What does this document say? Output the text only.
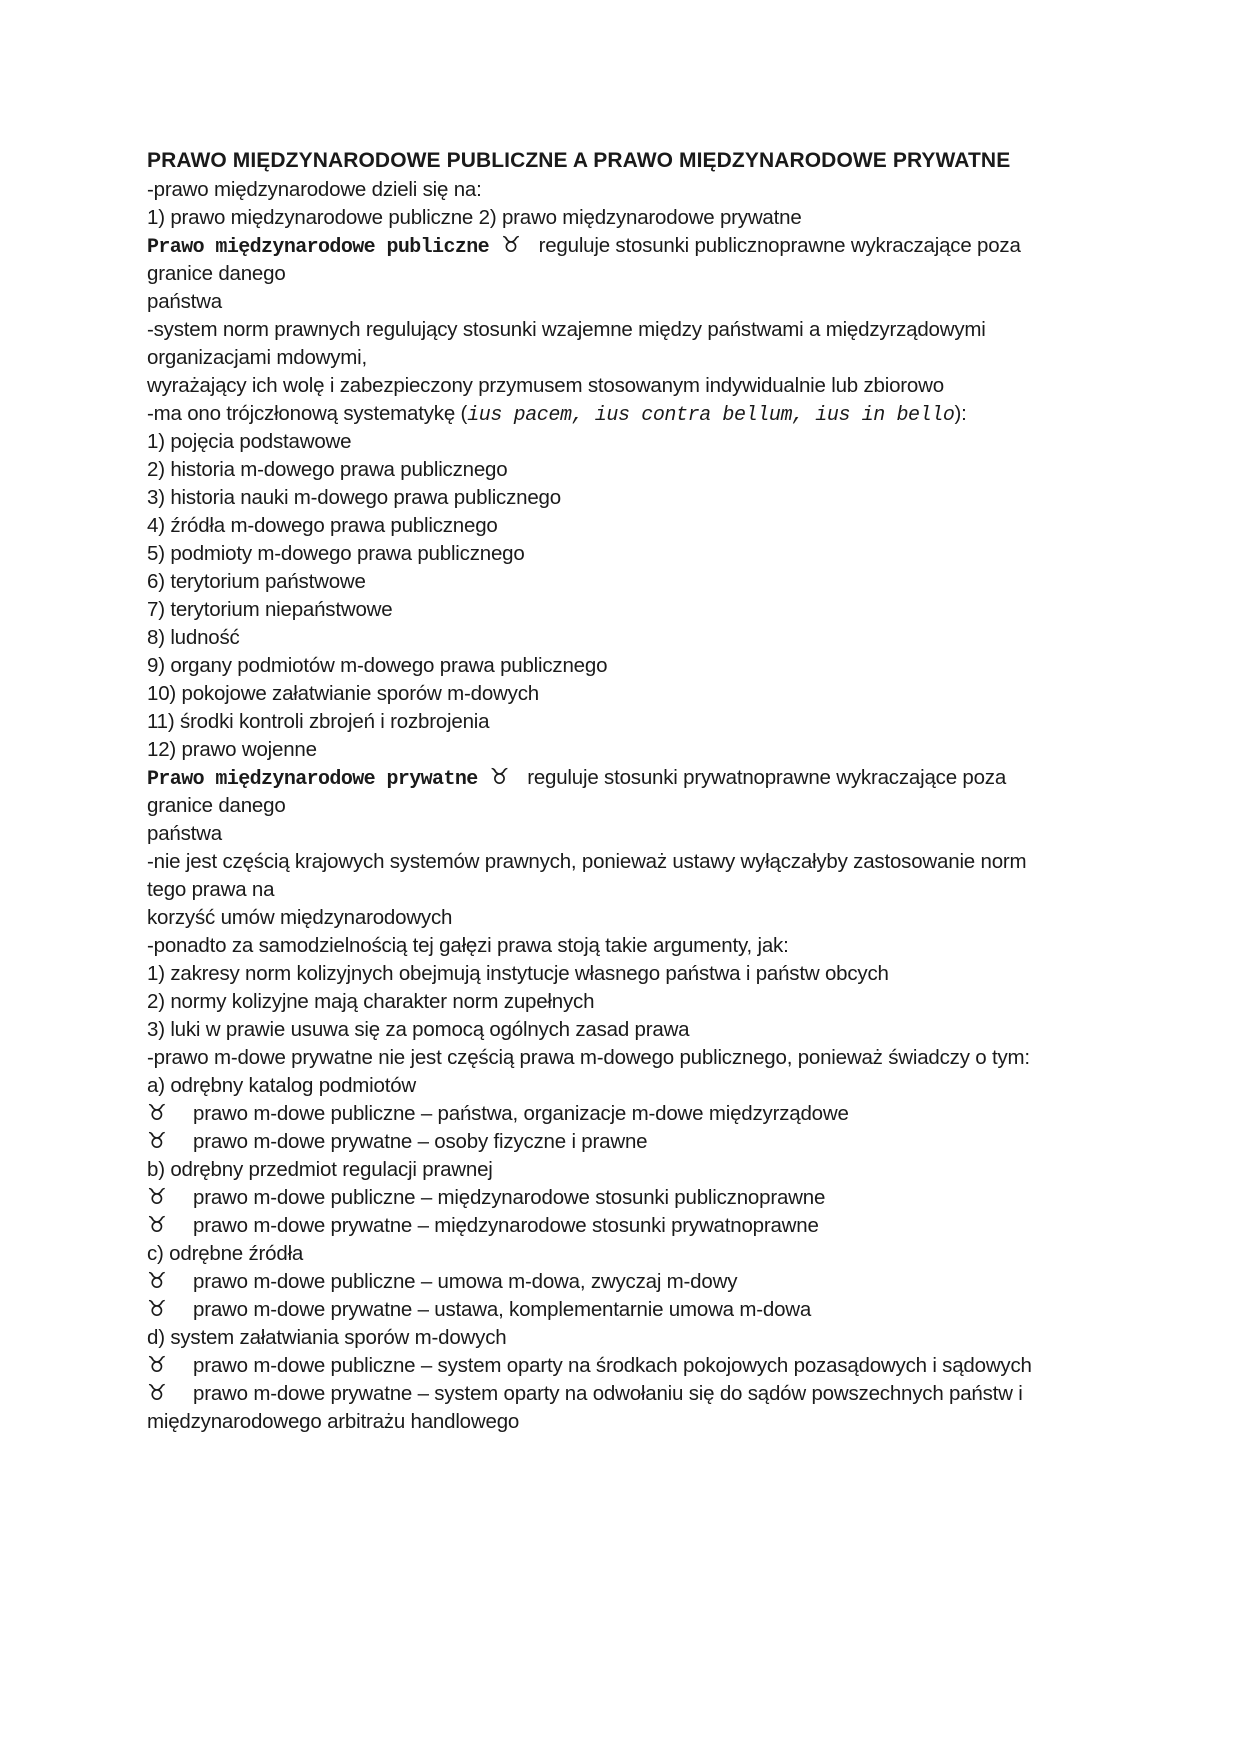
PRAWO MIĘDZYNARODOWE PUBLICZNE A PRAWO MIĘDZYNARODOWE PRYWATNE
-prawo międzynarodowe dzieli się na:
1) prawo międzynarodowe publiczne 2) prawo międzynarodowe prywatne
Prawo międzynarodowe publiczne ♉ reguluje stosunki publicznoprawne wykraczające poza
granice danego
państwa
-system norm prawnych regulujący stosunki wzajemne między państwami a międzyrządowymi
organizacjami mdowymi,
wyrażający ich wolę i zabezpieczony przymusem stosowanym indywidualnie lub zbiorowo
-ma ono trójczłonową systematykę (ius pacem, ius contra bellum, ius in bello):
1) pojęcia podstawowe
2) historia m-dowego prawa publicznego
3) historia nauki m-dowego prawa publicznego
4) źródła m-dowego prawa publicznego
5) podmioty m-dowego prawa publicznego
6) terytorium państwowe
7) terytorium niepaństwowe
8) ludność
9) organy podmiotów m-dowego prawa publicznego
10) pokojowe załatwianie sporów m-dowych
11) środki kontroli zbrojeń i rozbrojenia
12) prawo wojenne
Prawo międzynarodowe prywatne ♉ reguluje stosunki prywatnoprawne wykraczające poza
granice danego
państwa
-nie jest częścią krajowych systemów prawnych, ponieważ ustawy wyłączałyby zastosowanie norm
tego prawa na
korzyść umów międzynarodowych
-ponadto za samodzielnością tej gałęzi prawa stoją takie argumenty, jak:
1) zakresy norm kolizyjnych obejmują instytucje własnego państwa i państw obcych
2) normy kolizyjne mają charakter norm zupełnych
3) luki w prawie usuwa się za pomocą ogólnych zasad prawa
-prawo m-dowe prywatne nie jest częścią prawa m-dowego publicznego, ponieważ świadczy o tym:
a) odrębny katalog podmiotów
♉ prawo m-dowe publiczne – państwa, organizacje m-dowe międzyrządowe
♉ prawo m-dowe prywatne – osoby fizyczne i prawne
b) odrębny przedmiot regulacji prawnej
♉ prawo m-dowe publiczne – międzynarodowe stosunki publicznoprawne
♉ prawo m-dowe prywatne – międzynarodowe stosunki prywatnoprawne
c) odrębne źródła
♉ prawo m-dowe publiczne – umowa m-dowa, zwyczaj m-dowy
♉ prawo m-dowe prywatne – ustawa, komplementarnie umowa m-dowa
d) system załatwiania sporów m-dowych
♉ prawo m-dowe publiczne – system oparty na środkach pokojowych pozasądowych i sądowych
♉ prawo m-dowe prywatne – system oparty na odwołaniu się do sądów powszechnych państw i
międzynarodowego arbitrażu handlowego
